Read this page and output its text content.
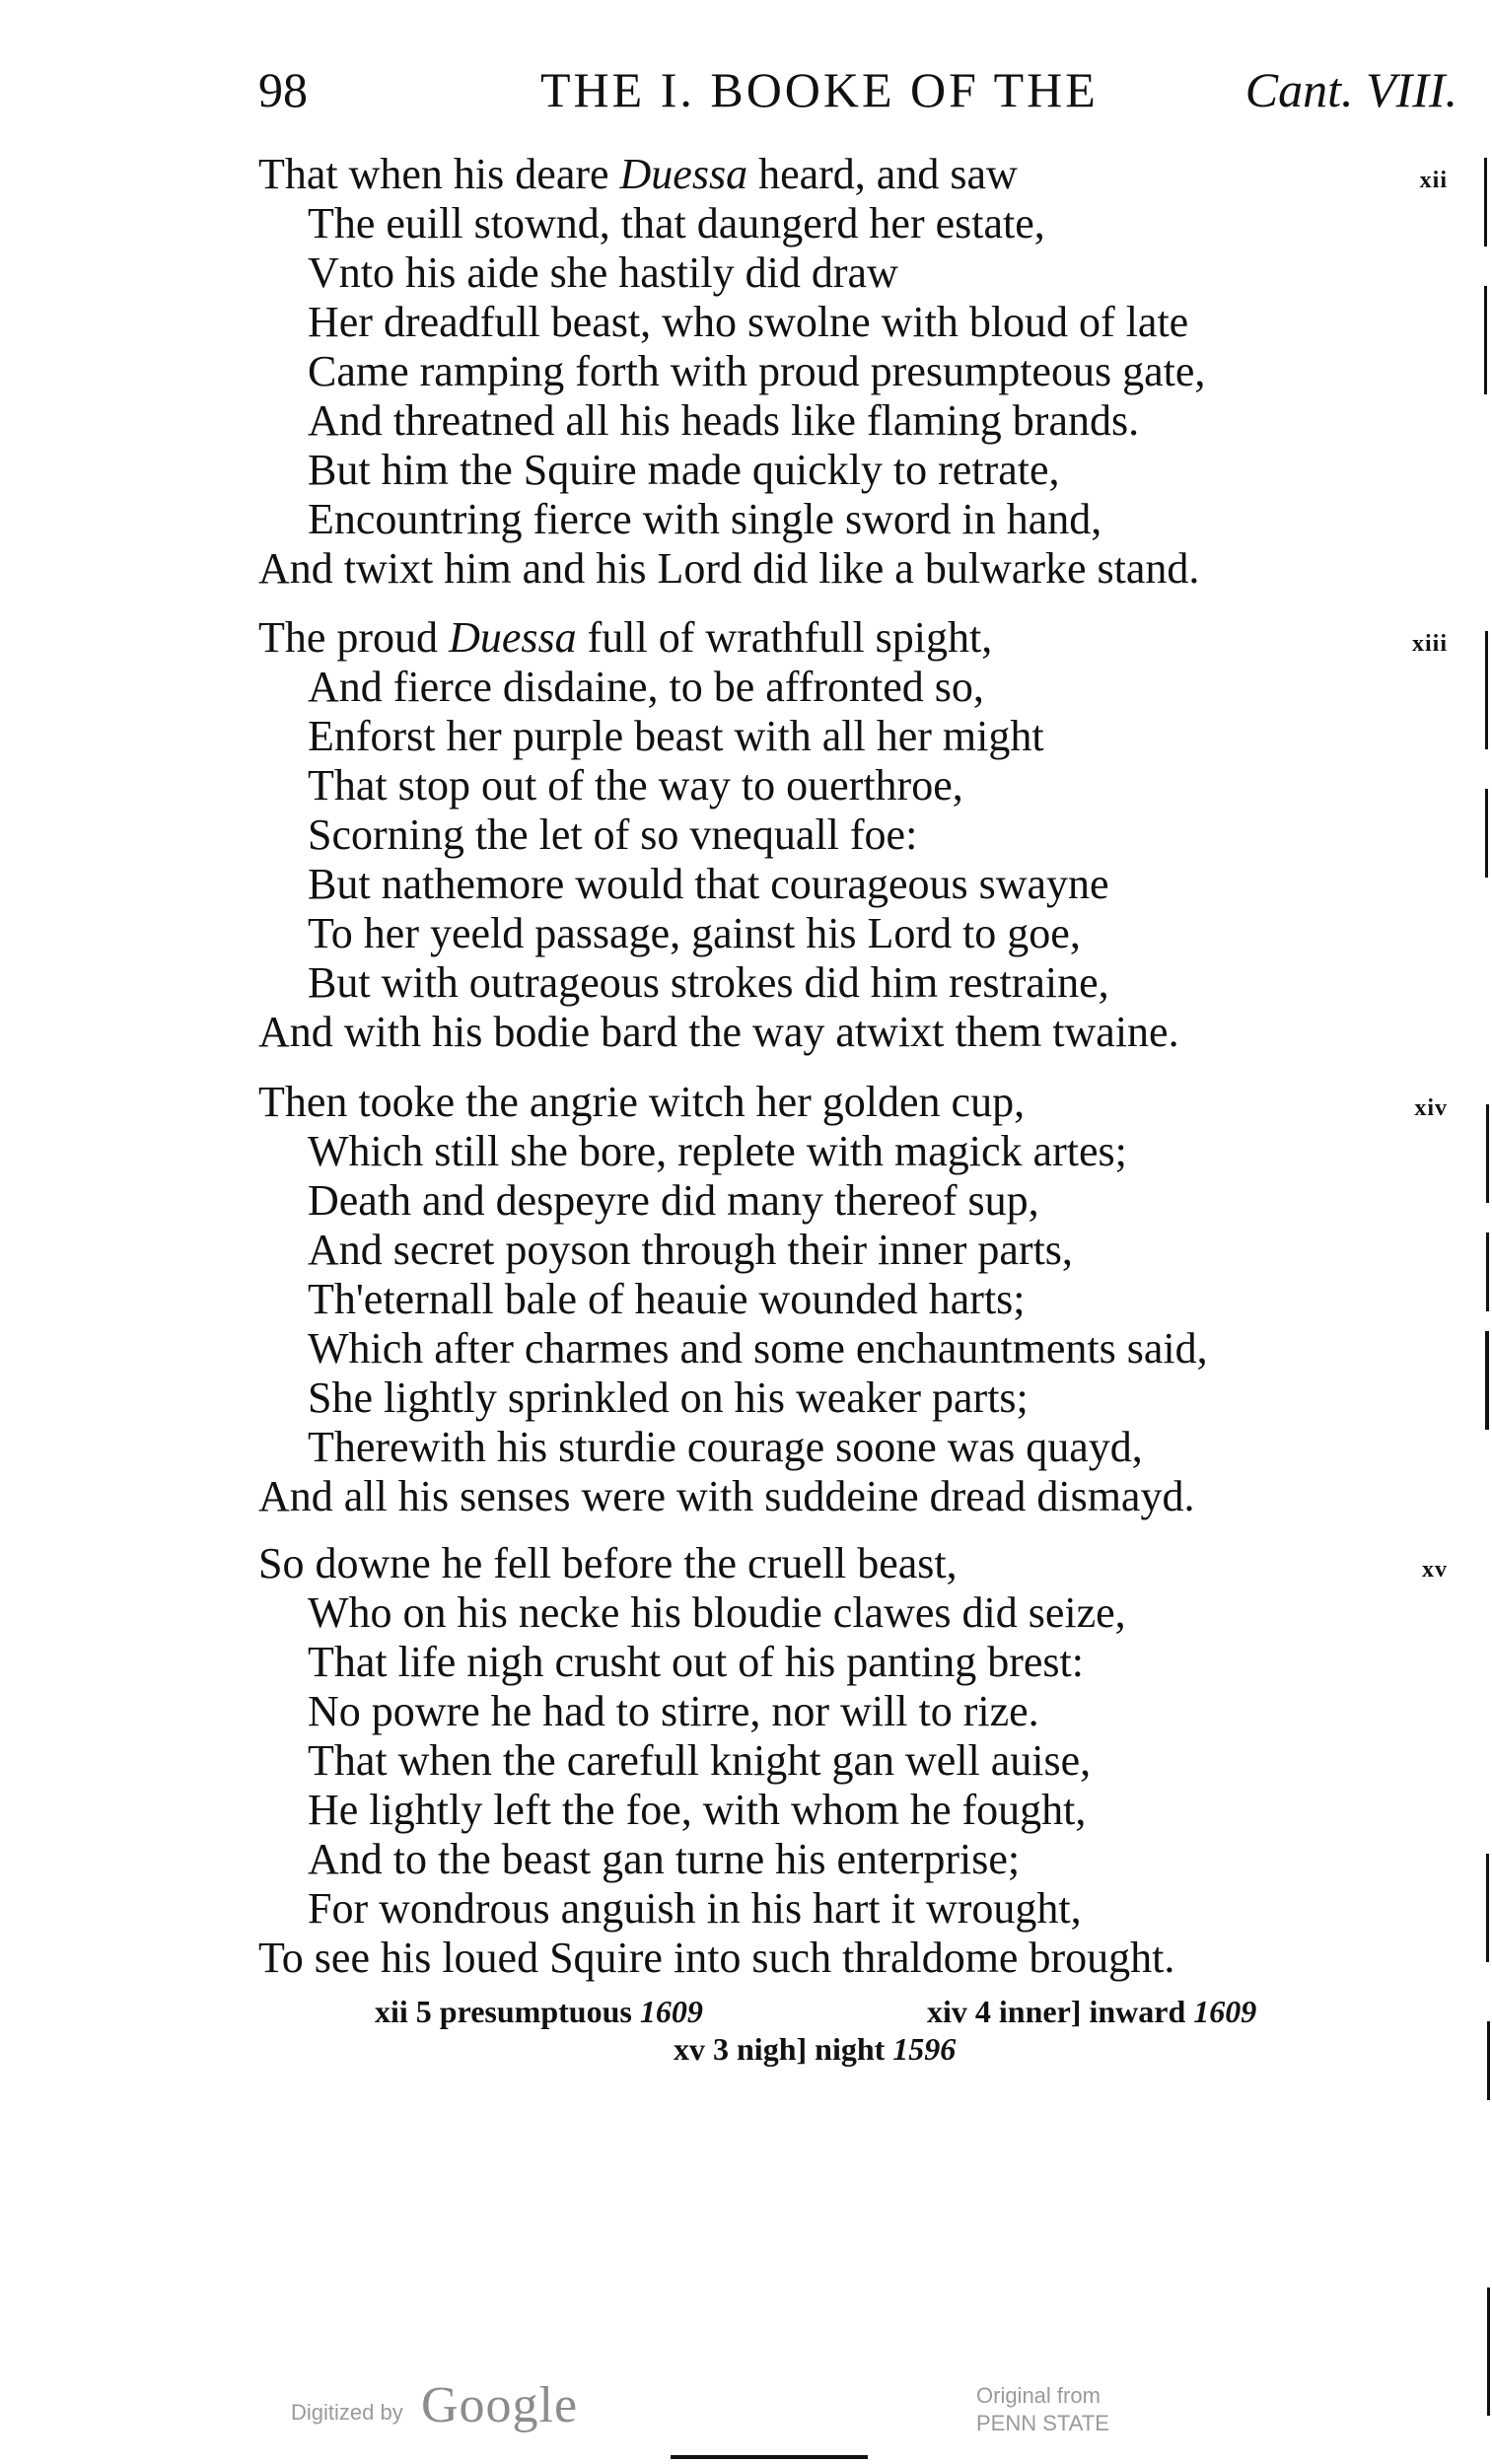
98	THE I. BOOKE OF THE	Cant. VIII.
That when his deare Duessa heard, and saw	xii
The euill stownd, that daungerd her estate,
Vnto his aide she hastily did draw
Her dreadfull beast, who swolne with bloud of late
Came ramping forth with proud presumpteous gate,
And threatned all his heads like flaming brands.
But him the Squire made quickly to retrate,
Encountring fierce with single sword in hand,
And twixt him and his Lord did like a bulwarke stand.
The proud Duessa full of wrathfull spight,	xiii
And fierce disdaine, to be affronted so,
Enforst her purple beast with all her might
That stop out of the way to ouerthroe,
Scorning the let of so vnequall foe:
But nathemore would that courageous swayne
To her yeeld passage, gainst his Lord to goe,
But with outrageous strokes did him restraine,
And with his bodie bard the way atwixt them twaine.
Then tooke the angrie witch her golden cup,	xiv
Which still she bore, replete with magick artes;
Death and despeyre did many thereof sup,
And secret poyson through their inner parts,
Th'eternall bale of heauie wounded harts;
Which after charmes and some enchauntments said,
She lightly sprinkled on his weaker parts;
Therewith his sturdie courage soone was quayd,
And all his senses were with suddeine dread dismayd.
So downe he fell before the cruell beast,	xv
Who on his necke his bloudie clawes did seize,
That life nigh crusht out of his panting brest:
No powre he had to stirre, nor will to rize.
That when the carefull knight gan well auise,
He lightly left the foe, with whom he fought,
And to the beast gan turne his enterprise;
For wondrous anguish in his hart it wrought,
To see his loued Squire into such thraldome brought.
xii 5 presumptuous 1609	xiv 4 inner] inward 1609
xv 3 nigh] night 1596
Digitized by Google	Original from
PENN STATE
